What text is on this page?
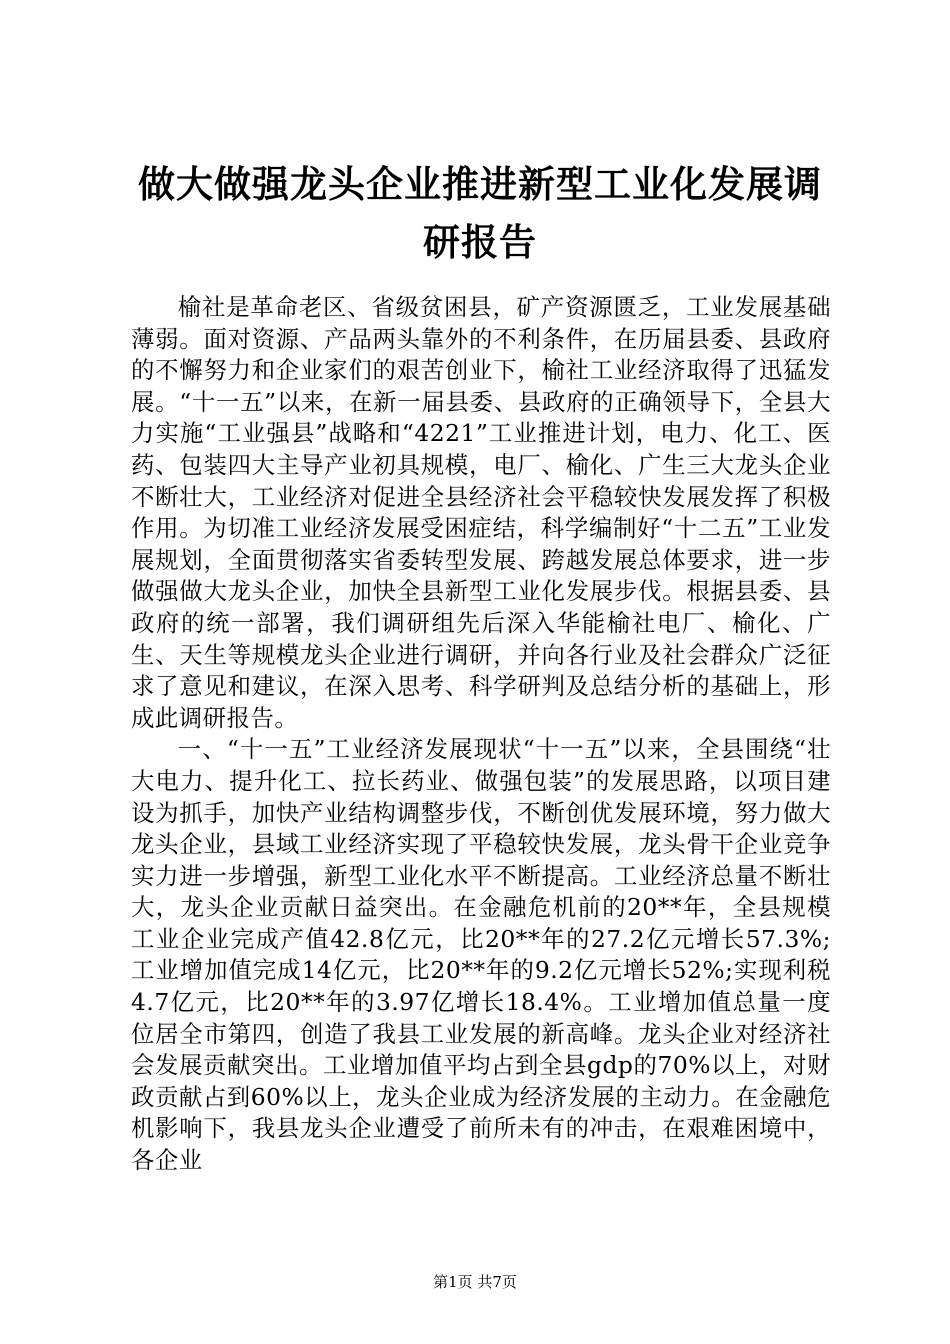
做大做强龙头企业推进新型工业化发展调研报告

榆社是革命老区、省级贫困县，矿产资源匮乏，工业发展基础薄弱。面对资源、产品两头靠外的不利条件，在历届县委、县政府的不懈努力和企业家们的艰苦创业下，榆社工业经济取得了迅猛发展。“十一五”以来，在新一届县委、县政府的正确领导下，全县大力实施“工业强县”战略和“4221”工业推进计划，电力、化工、医药、包装四大主导产业初具规模，电厂、榆化、广生三大龙头企业不断壮大，工业经济对促进全县经济社会平稳较快发展发挥了积极作用。为切准工业经济发展受困症结，科学编制好“十二五”工业发展规划，全面贯彻落实省委转型发展、跨越发展总体要求，进一步做强做大龙头企业，加快全县新型工业化发展步伐。根据县委、县政府的统一部署，我们调研组先后深入华能榆社电厂、榆化、广生、天生等规模龙头企业进行调研，并向各行业及社会群众广泛征求了意见和建议，在深入思考、科学研判及总结分析的基础上，形成此调研报告。

一、“十一五”工业经济发展现状“十一五”以来，全县围绕“壮大电力、提升化工、拉长药业、做强包装”的发展思路，以项目建设为抓手，加快产业结构调整步伐，不断创优发展环境，努力做大龙头企业，县域工业经济实现了平稳较快发展，龙头骨干企业竞争实力进一步增强，新型工业化水平不断提高。工业经济总量不断壮大，龙头企业贡献日益突出。在金融危机前的20**年，全县规模工业企业完成产值42.8亿元，比20**年的27.2亿元增长57.3%;工业增加值完成14亿元，比20**年的9.2亿元增长52%;实现利税4.7亿元，比20**年的3.97亿增长18.4%。工业增加值总量一度位居全市第四，创造了我县工业发展的新高峰。龙头企业对经济社会发展贡献突出。工业增加值平均占到全县gdp的70%以上，对财政贡献占到60%以上，龙头企业成为经济发展的主动力。在金融危机影响下，我县龙头企业遭受了前所未有的冲击，在艰难困境中，各企业

第1页 共7页
